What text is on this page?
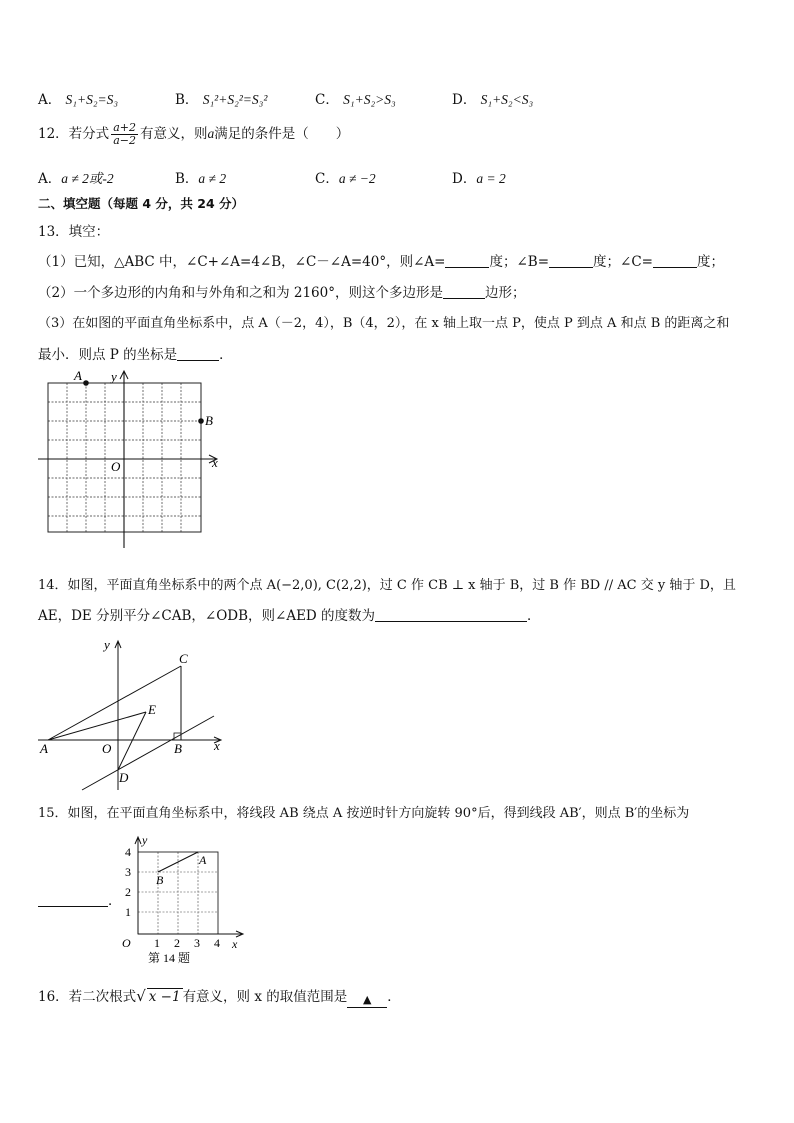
A． S₁+S₂=S₃	B． S₁²+S₂²=S₃²	C． S₁+S₂>S₃	D． S₁+S₂<S₃
12．若分式 $\frac{a+2}{a-2}$ 有意义，则a满足的条件是（　　）
A．a ≠ 2或-2	B．a ≠ 2	C．a ≠ −2	D．a = 2
二、填空题（每题 4 分，共 24 分）
13．填空：
（1）已知，△ABC 中，∠C+∠A=4∠B，∠C－∠A=40°，则∠A=	度；∠B=	度；∠C=	度；
（2）一个多边形的内角和与外角和之和为 2160°，则这个多边形是	边形；
（3）在如图的平面直角坐标系中，点 A（－2，4），B（4，2），在 x 轴上取一点 P，使点 P 到点 A 和点 B 的距离之和
最小．则点 P 的坐标是	．
A
B
O	x
y
14．如图，平面直角坐标系中的两个点 A(−2,0), C(2,2)，过 C 作 CB ⊥ x 轴于 B，过 B 作 BD // AC 交 y 轴于 D，且
AE，DE 分别平分∠CAB，∠ODB，则∠AED 的度数为	．
A	O	B
C
D
E
x
y
15．如图，在平面直角坐标系中，将线段 AB 绕点 A 按逆时针方向旋转 90°后，得到线段 AB′，则点 B′的坐标为
．
4
3
2
1
1 2 3 4
O	x
y
A
B
第 14 题
16．若二次根式√ x −1 有意义，则 x 的取值范围是 ▲ ．
